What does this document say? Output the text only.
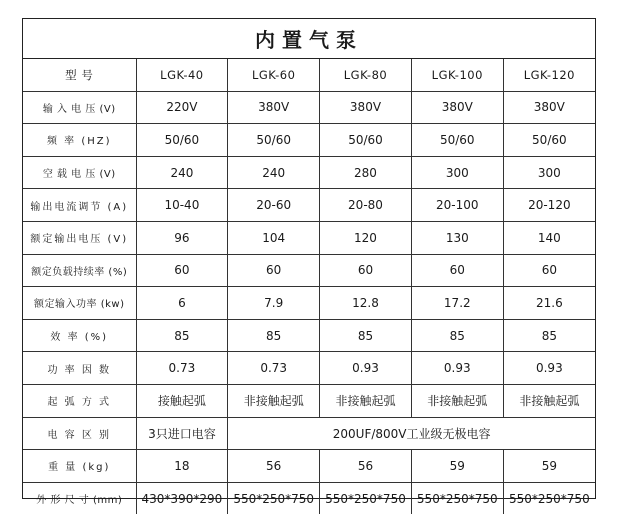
内置气泵
型 号	LGK-40	LGK-60	LGK-80	LGK-100	LGK-120
输 入 电 压 (V)	220V	380V	380V	380V	380V
频 率 (HZ)	50/60	50/60	50/60	50/60	50/60
空 载 电 压 (V)	240	240	280	300	300
输出电流调节 (A)	10-40	20-60	20-80	20-100	20-120
额定输出电压 (V)	96	104	120	130	140
额定负载持续率 (%)	60	60	60	60	60
额定输入功率 (kw)	6	7.9	12.8	17.2	21.6
效 率 (%)	85	85	85	85	85
功 率 因 数	0.73	0.73	0.93	0.93	0.93
起 弧 方 式	接触起弧	非接触起弧	非接触起弧	非接触起弧	非接触起弧
电 容 区 别	3只进口电容	200UF/800V工业级无极电容			
重 量 (kg)	18	56	56	59	59
外 形 尺 寸 (mm)	430*390*290	550*250*750	550*250*750	550*250*750	550*250*750
